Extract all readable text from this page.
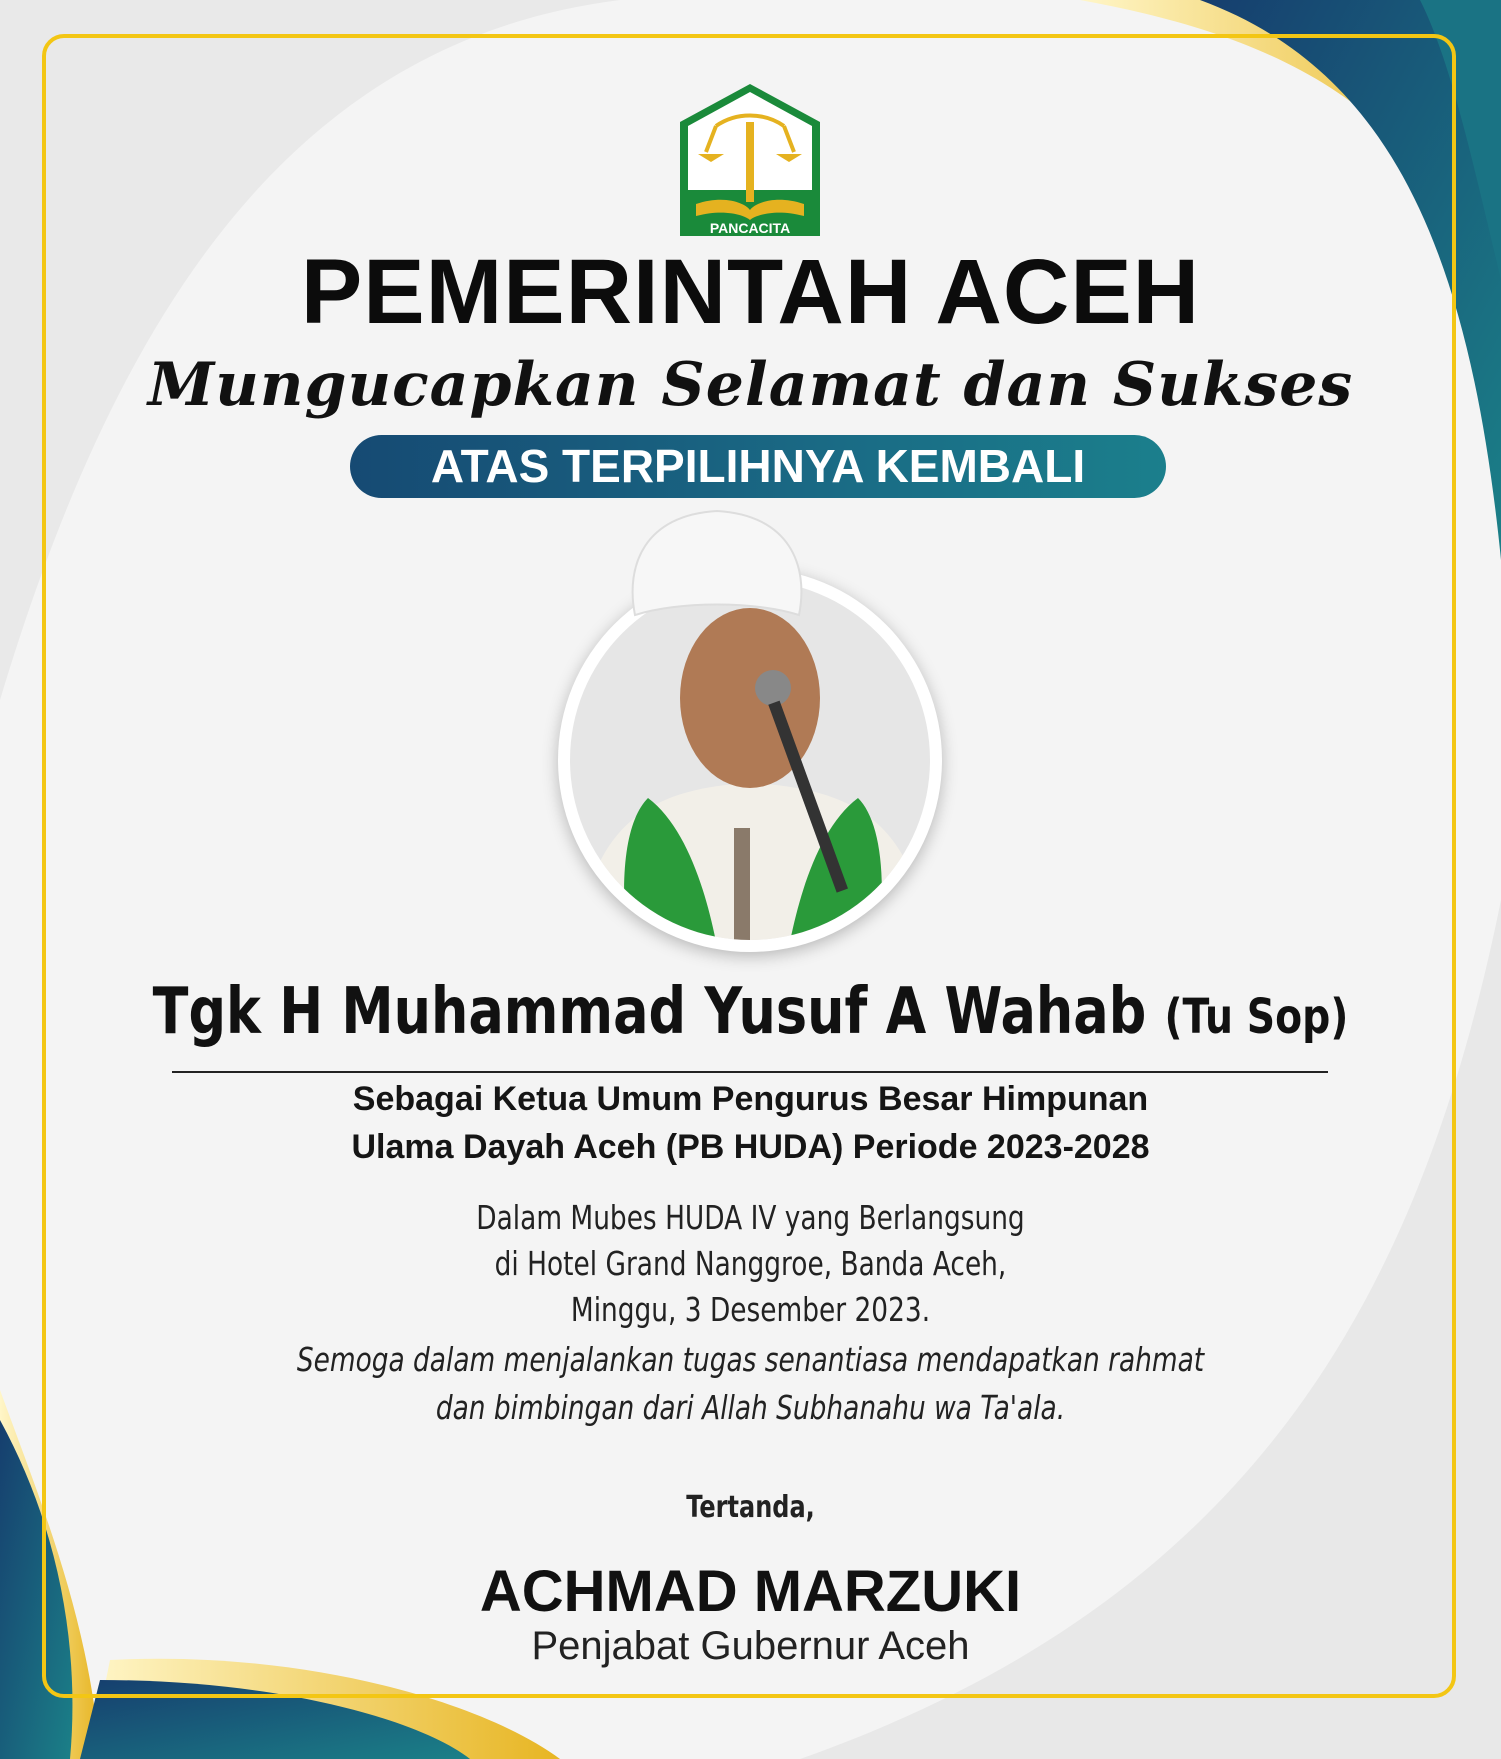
PANCACITA
PEMERINTAH ACEH
Mungucapkan Selamat dan Sukses
ATAS TERPILIHNYA KEMBALI
Tgk H Muhammad Yusuf A Wahab (Tu Sop)
Sebagai Ketua Umum Pengurus Besar Himpunan
Ulama Dayah Aceh (PB HUDA) Periode 2023-2028
Dalam Mubes HUDA IV yang Berlangsung
di Hotel Grand Nanggroe, Banda Aceh,
Minggu, 3 Desember 2023.
Semoga dalam menjalankan tugas senantiasa mendapatkan rahmat
dan bimbingan dari Allah Subhanahu wa Ta'ala.
Tertanda,
ACHMAD MARZUKI
Penjabat Gubernur Aceh
